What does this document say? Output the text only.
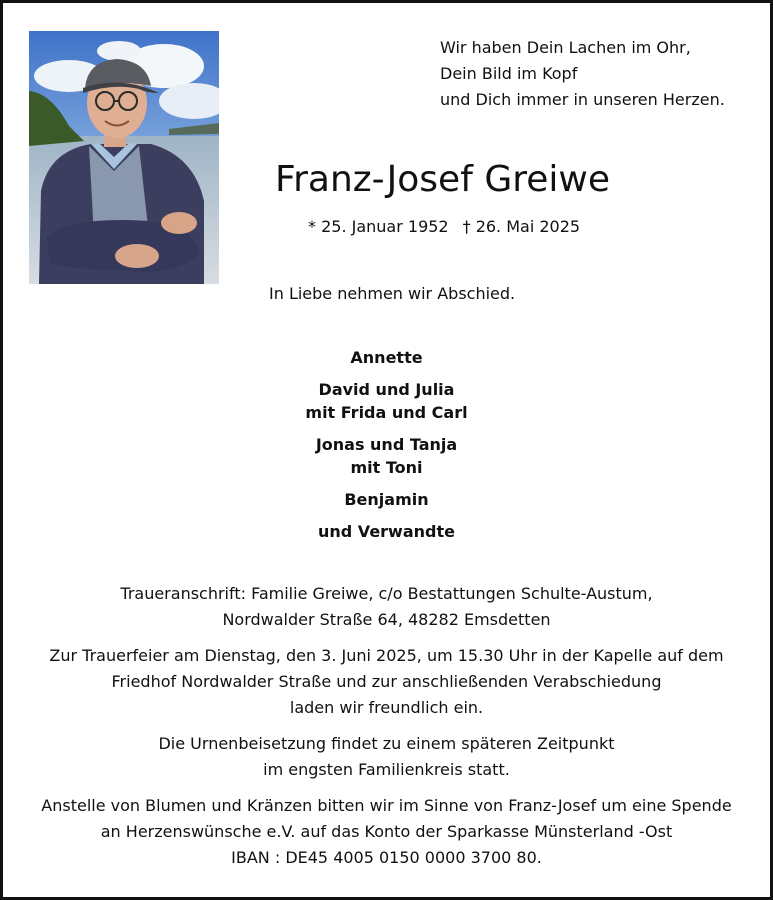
Wir haben Dein Lachen im Ohr,
Dein Bild im Kopf
und Dich immer in unseren Herzen.
Franz-Josef Greiwe
* 25. Januar 1952 † 26. Mai 2025
In Liebe nehmen wir Abschied.
Annette
David und Julia
mit Frida und Carl
Jonas und Tanja
mit Toni
Benjamin
und Verwandte
Traueranschrift: Familie Greiwe, c/o Bestattungen Schulte-Austum,
Nordwalder Straße 64, 48282 Emsdetten
Zur Trauerfeier am Dienstag, den 3. Juni 2025, um 15.30 Uhr in der Kapelle auf dem
Friedhof Nordwalder Straße und zur anschließenden Verabschiedung
laden wir freundlich ein.
Die Urnenbeisetzung findet zu einem späteren Zeitpunkt
im engsten Familienkreis statt.
Anstelle von Blumen und Kränzen bitten wir im Sinne von Franz-Josef um eine Spende
an Herzenswünsche e.V. auf das Konto der Sparkasse Münsterland -Ost
IBAN : DE45 4005 0150 0000 3700 80.
